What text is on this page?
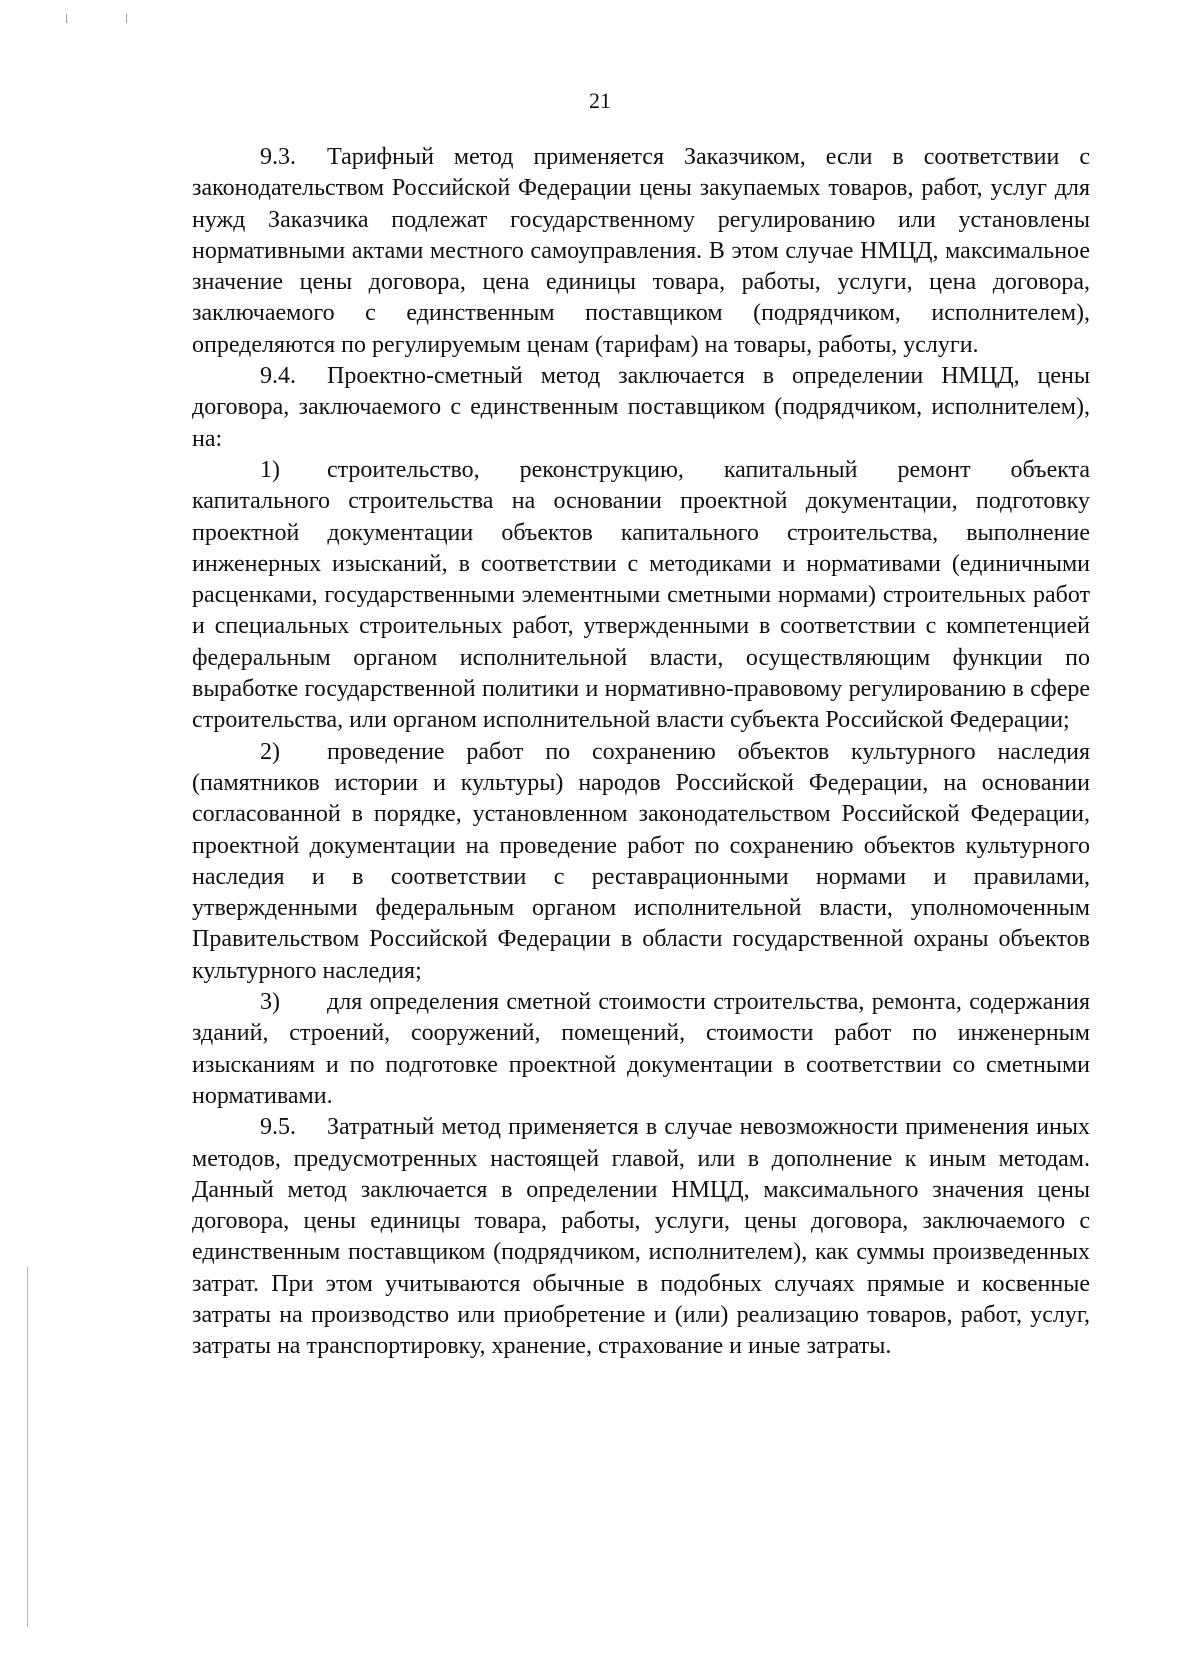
21

9.3. Тарифный метод применяется Заказчиком, если в соответствии с законодательством Российской Федерации цены закупаемых товаров, работ, услуг для нужд Заказчика подлежат государственному регулированию или установлены нормативными актами местного самоуправления. В этом случае НМЦД, максимальное значение цены договора, цена единицы товара, работы, услуги, цена договора, заключаемого с единственным поставщиком (подрядчиком, исполнителем), определяются по регулируемым ценам (тарифам) на товары, работы, услуги.

9.4. Проектно-сметный метод заключается в определении НМЦД, цены договора, заключаемого с единственным поставщиком (подрядчиком, исполнителем), на:

1) строительство, реконструкцию, капитальный ремонт объекта капитального строительства на основании проектной документации, подготовку проектной документации объектов капитального строительства, выполнение инженерных изысканий, в соответствии с методиками и нормативами (единичными расценками, государственными элементными сметными нормами) строительных работ и специальных строительных работ, утвержденными в соответствии с компетенцией федеральным органом исполнительной власти, осуществляющим функции по выработке государственной политики и нормативно-правовому регулированию в сфере строительства, или органом исполнительной власти субъекта Российской Федерации;

2) проведение работ по сохранению объектов культурного наследия (памятников истории и культуры) народов Российской Федерации, на основании согласованной в порядке, установленном законодательством Российской Федерации, проектной документации на проведение работ по сохранению объектов культурного наследия и в соответствии с реставрационными нормами и правилами, утвержденными федеральным органом исполнительной власти, уполномоченным Правительством Российской Федерации в области государственной охраны объектов культурного наследия;

3) для определения сметной стоимости строительства, ремонта, содержания зданий, строений, сооружений, помещений, стоимости работ по инженерным изысканиям и по подготовке проектной документации в соответствии со сметными нормативами.

9.5. Затратный метод применяется в случае невозможности применения иных методов, предусмотренных настоящей главой, или в дополнение к иным методам. Данный метод заключается в определении НМЦД, максимального значения цены договора, цены единицы товара, работы, услуги, цены договора, заключаемого с единственным поставщиком (подрядчиком, исполнителем), как суммы произведенных затрат. При этом учитываются обычные в подобных случаях прямые и косвенные затраты на производство или приобретение и (или) реализацию товаров, работ, услуг, затраты на транспортировку, хранение, страхование и иные затраты.
